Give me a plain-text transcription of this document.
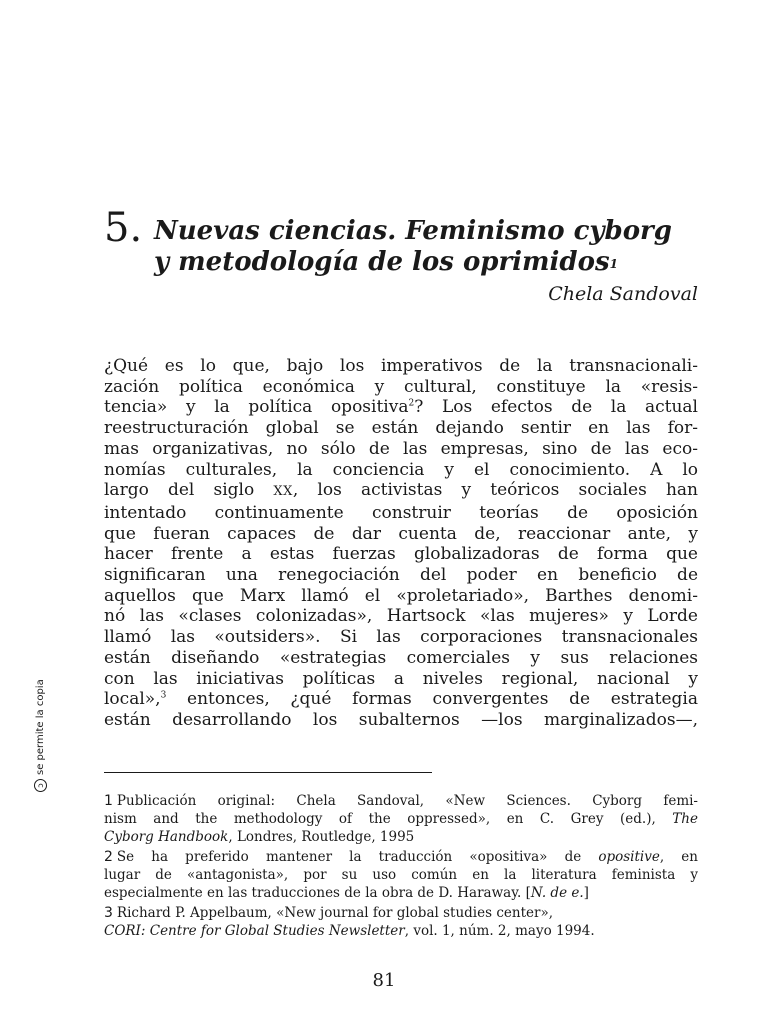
5. Nuevas ciencias. Feminismo cyborg
y metodología de los oprimidos$^1$
Chela Sandoval
¿Qué es lo que, bajo los imperativos de la transnacionali-
zación política económica y cultural, constituye la «resis-
tencia» y la política opositiva$^2$? Los efectos de la actual
reestructuración global se están dejando sentir en las for-
mas organizativas, no sólo de las empresas, sino de las eco-
nomías culturales, la conciencia y el conocimiento. A lo
largo del siglo XX, los activistas y teóricos sociales han
intentado continuamente construir teorías de oposición
que fueran capaces de dar cuenta de, reaccionar ante, y
hacer frente a estas fuerzas globalizadoras de forma que
significaran una renegociación del poder en beneficio de
aquellos que Marx llamó el «proletariado», Barthes denomi-
nó las «clases colonizadas», Hartsock «las mujeres» y Lorde
llamó las «outsiders». Si las corporaciones transnacionales
están diseñando «estrategias comerciales y sus relaciones
con las iniciativas políticas a niveles regional, nacional y
local»,$^3$ entonces, ¿qué formas convergentes de estrategia
están desarrollando los subalternos —los marginalizados—,
1 Publicación original: Chela Sandoval, «New Sciences. Cyborg femi-
nism and the methodology of the oppressed», en C. Grey (ed.), The
Cyborg Handbook, Londres, Routledge, 1995
2 Se ha preferido mantener la traducción «opositiva» de opositive, en
lugar de «antagonista», por su uso común en la literatura feminista y
especialmente en las traducciones de la obra de D. Haraway. [N. de e.]
3 Richard P. Appelbaum, «New journal for global studies center»,
CORI: Centre for Global Studies Newsletter, vol. 1, núm. 2, mayo 1994.
81
ↄ
se permite la copia
